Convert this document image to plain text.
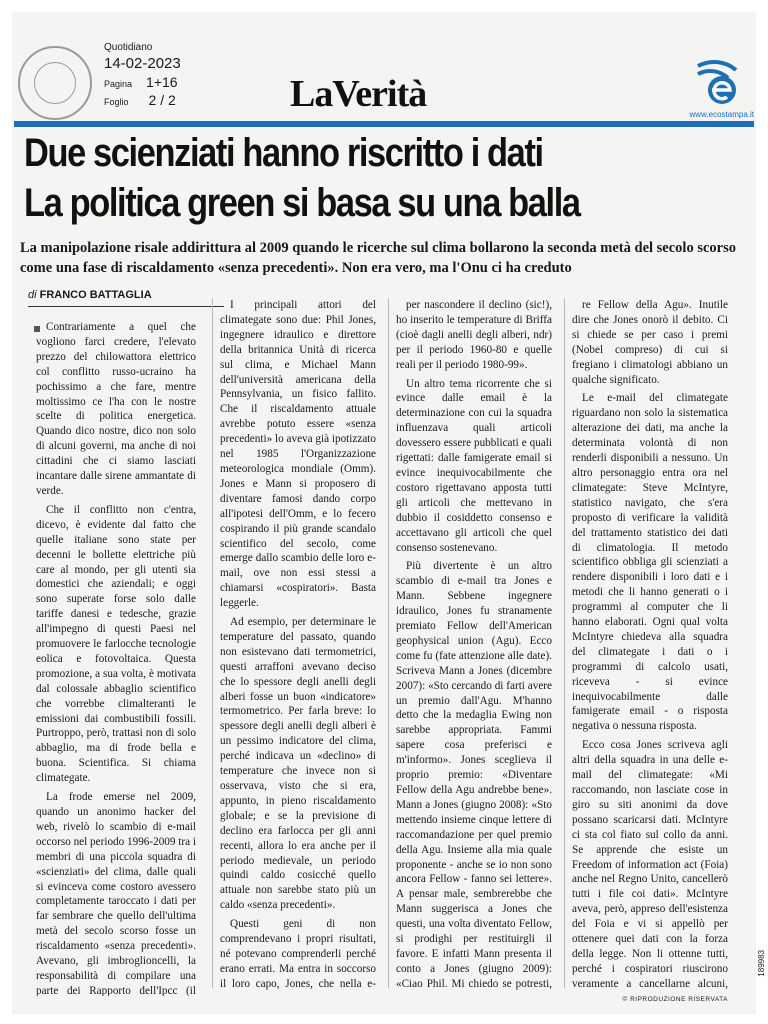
Quotidiano
14-02-2023
Pagina 1+16
Foglio 2 / 2	LaVerità	www.ecostampa.it
Due scienziati hanno riscritto i dati
La politica green si basa su una balla
La manipolazione risale addirittura al 2009 quando le ricerche sul clima bollarono la seconda metà del secolo scorso come una fase di riscaldamento «senza precedenti». Non era vero, ma l'Onu ci ha creduto
di FRANCO BATTAGLIA

Contrariamente a quel che vogliono farci credere, l'elevato prezzo del chilowattora elettrico col conflitto russo-ucraino ha pochissimo a che fare, mentre moltissimo ce l'ha con le nostre scelte di politica energetica. Quando dico nostre, dico non solo di alcuni governi, ma anche di noi cittadini che ci siamo lasciati incantare dalle sirene ammantate di verde.

Che il conflitto non c'entra, dicevo, è evidente dal fatto che quelle italiane sono state per decenni le bollette elettriche più care al mondo, per gli utenti sia domestici che aziendali; e oggi sono superate forse solo dalle tariffe danesi e tedesche, grazie all'impegno di questi Paesi nel promuovere le farlocche tecnologie eolica e fotovoltaica. Questa promozione, a sua volta, è motivata dal colossale abbaglio scientifico che vorrebbe climalteranti le emissioni dai combustibili fossili. Purtroppo, però, trattasi non di solo abbaglio, ma di frode bella e buona. Scientifica. Si chiama climategate.

La frode emerse nel 2009, quando un anonimo hacker del web, rivelò lo scambio di e-mail occorso nel periodo 1996-2009 tra i membri di una piccola squadra di «scienziati» del clima, dalle quali si evinceva come costoro avessero completamente taroccato i dati per far sembrare che quello dell'ultima metà del secolo scorso fosse un riscaldamento «senza precedenti». Avevano, gli imbroglioncelli, la responsabilità di compilare una parte dei Rapporto dell'Ipcc (il

I principali attori del climategate sono due: Phil Jones, ingegnere idraulico e direttore della britannica Unità di ricerca sul clima, e Michael Mann dell'università americana della Pennsylvania, un fisico fallito. Che il riscaldamento attuale avrebbe potuto essere «senza precedenti» lo aveva già ipotizzato nel 1985 l'Organizzazione meteorologica mondiale (Omm). Jones e Mann si proposero di diventare famosi dando corpo all'ipotesi dell'Omm, e lo fecero cospirando il più grande scandalo scientifico del secolo, come emerge dallo scambio delle loro e-mail, ove non essi stessi a chiamarsi «cospiratori». Basta leggerle.

Ad esempio, per determinare le temperature del passato, quando non esistevano dati termometrici, questi arraffoni avevano deciso che lo spessore degli anelli degli alberi fosse un buon «indicatore» termometrico. Per farla breve: lo spessore degli anelli degli alberi è un pessimo indicatore del clima, perché indicava un «declino» di temperature che invece non si osservava, visto che si era, appunto, in pieno riscaldamento globale; e se la previsione di declino era farlocca per gli anni recenti, allora lo era anche per il periodo medievale, un periodo quindi caldo cosicché quello attuale non sarebbe stato più un caldo «senza precedenti».

Questi geni di non comprendevano i propri risultati, né potevano comprenderli perché erano errati. Ma entra in soccorso il loro capo, Jones, che nella e-

per nascondere il declino (sic!), ho inserito le temperature di Briffa (cioè dagli anelli degli alberi, ndr) per il periodo 1960-80 e quelle reali per il periodo 1980-99».

Un altro tema ricorrente che si evince dalle email è la determinazione con cui la squadra influenzava quali articoli dovessero essere pubblicati e quali rigettati: dalle famigerate email si evince inequivocabilmente che costoro rigettavano apposta tutti gli articoli che mettevano in dubbio il cosiddetto consenso e accettavano gli articoli che quel consenso sostenevano.

Più divertente è un altro scambio di e-mail tra Jones e Mann. Sebbene ingegnere idraulico, Jones fu stranamente premiato Fellow dell'American geophysical union (Agu). Ecco come fu (fate attenzione alle date). Scriveva Mann a Jones (dicembre 2007): «Sto cercando di farti avere un premio dall'Agu. M'hanno detto che la medaglia Ewing non sarebbe appropriata. Fammi sapere cosa preferisci e m'informo». Jones sceglieva il proprio premio: «Diventare Fellow della Agu andrebbe bene». Mann a Jones (giugno 2008): «Sto mettendo insieme cinque lettere di raccomandazione per quel premio della Agu. Insieme alla mia quale proponente - anche se io non sono ancora Fellow - fanno sei lettere». A pensar male, sembrerebbe che Mann suggerisca a Jones che questi, una volta diventato Fellow, si prodighi per restituirgli il favore. E infatti Mann presenta il conto a Jones (giugno 2009): «Ciao Phil. Mi chiedo se potresti,

re Fellow della Agu». Inutile dire che Jones onorò il debito. Ci si chiede se per caso i premi (Nobel compreso) di cui si fregiano i climatologi abbiano un qualche significato.

Le e-mail del climategate riguardano non solo la sistematica alterazione dei dati, ma anche la determinata volontà di non renderli disponibili a nessuno. Un altro personaggio entra ora nel climategate: Steve McIntyre, statistico navigato, che s'era proposto di verificare la validità del trattamento statistico dei dati di climatologia. Il metodo scientifico obbliga gli scienziati a rendere disponibili i loro dati e i metodi che li hanno generati o i programmi al computer che li hanno elaborati. Ogni qual volta McIntyre chiedeva alla squadra del climategate i dati o i programmi di calcolo usati, riceveva - si evince inequivocabilmente dalle famigerate email - o risposta negativa o nessuna risposta.

Ecco cosa Jones scriveva agli altri della squadra in una delle e-mail del climategate: «Mi raccomando, non lasciate cose in giro su siti anonimi da dove possano scaricarsi dati. McIntyre ci sta col fiato sul collo da anni. Se apprende che esiste un Freedom of information act (Foia) anche nel Regno Unito, cancellerò tutti i file coi dati». McIntyre aveva, però, appreso dell'esistenza del Foia e vi si appellò per ottenere quei dati con la forza della legge. Non li ottenne tutti, perché i cospiratori riuscirono veramente a cancellarne alcuni,

© RIPRODUZIONE RISERVATA
189983
